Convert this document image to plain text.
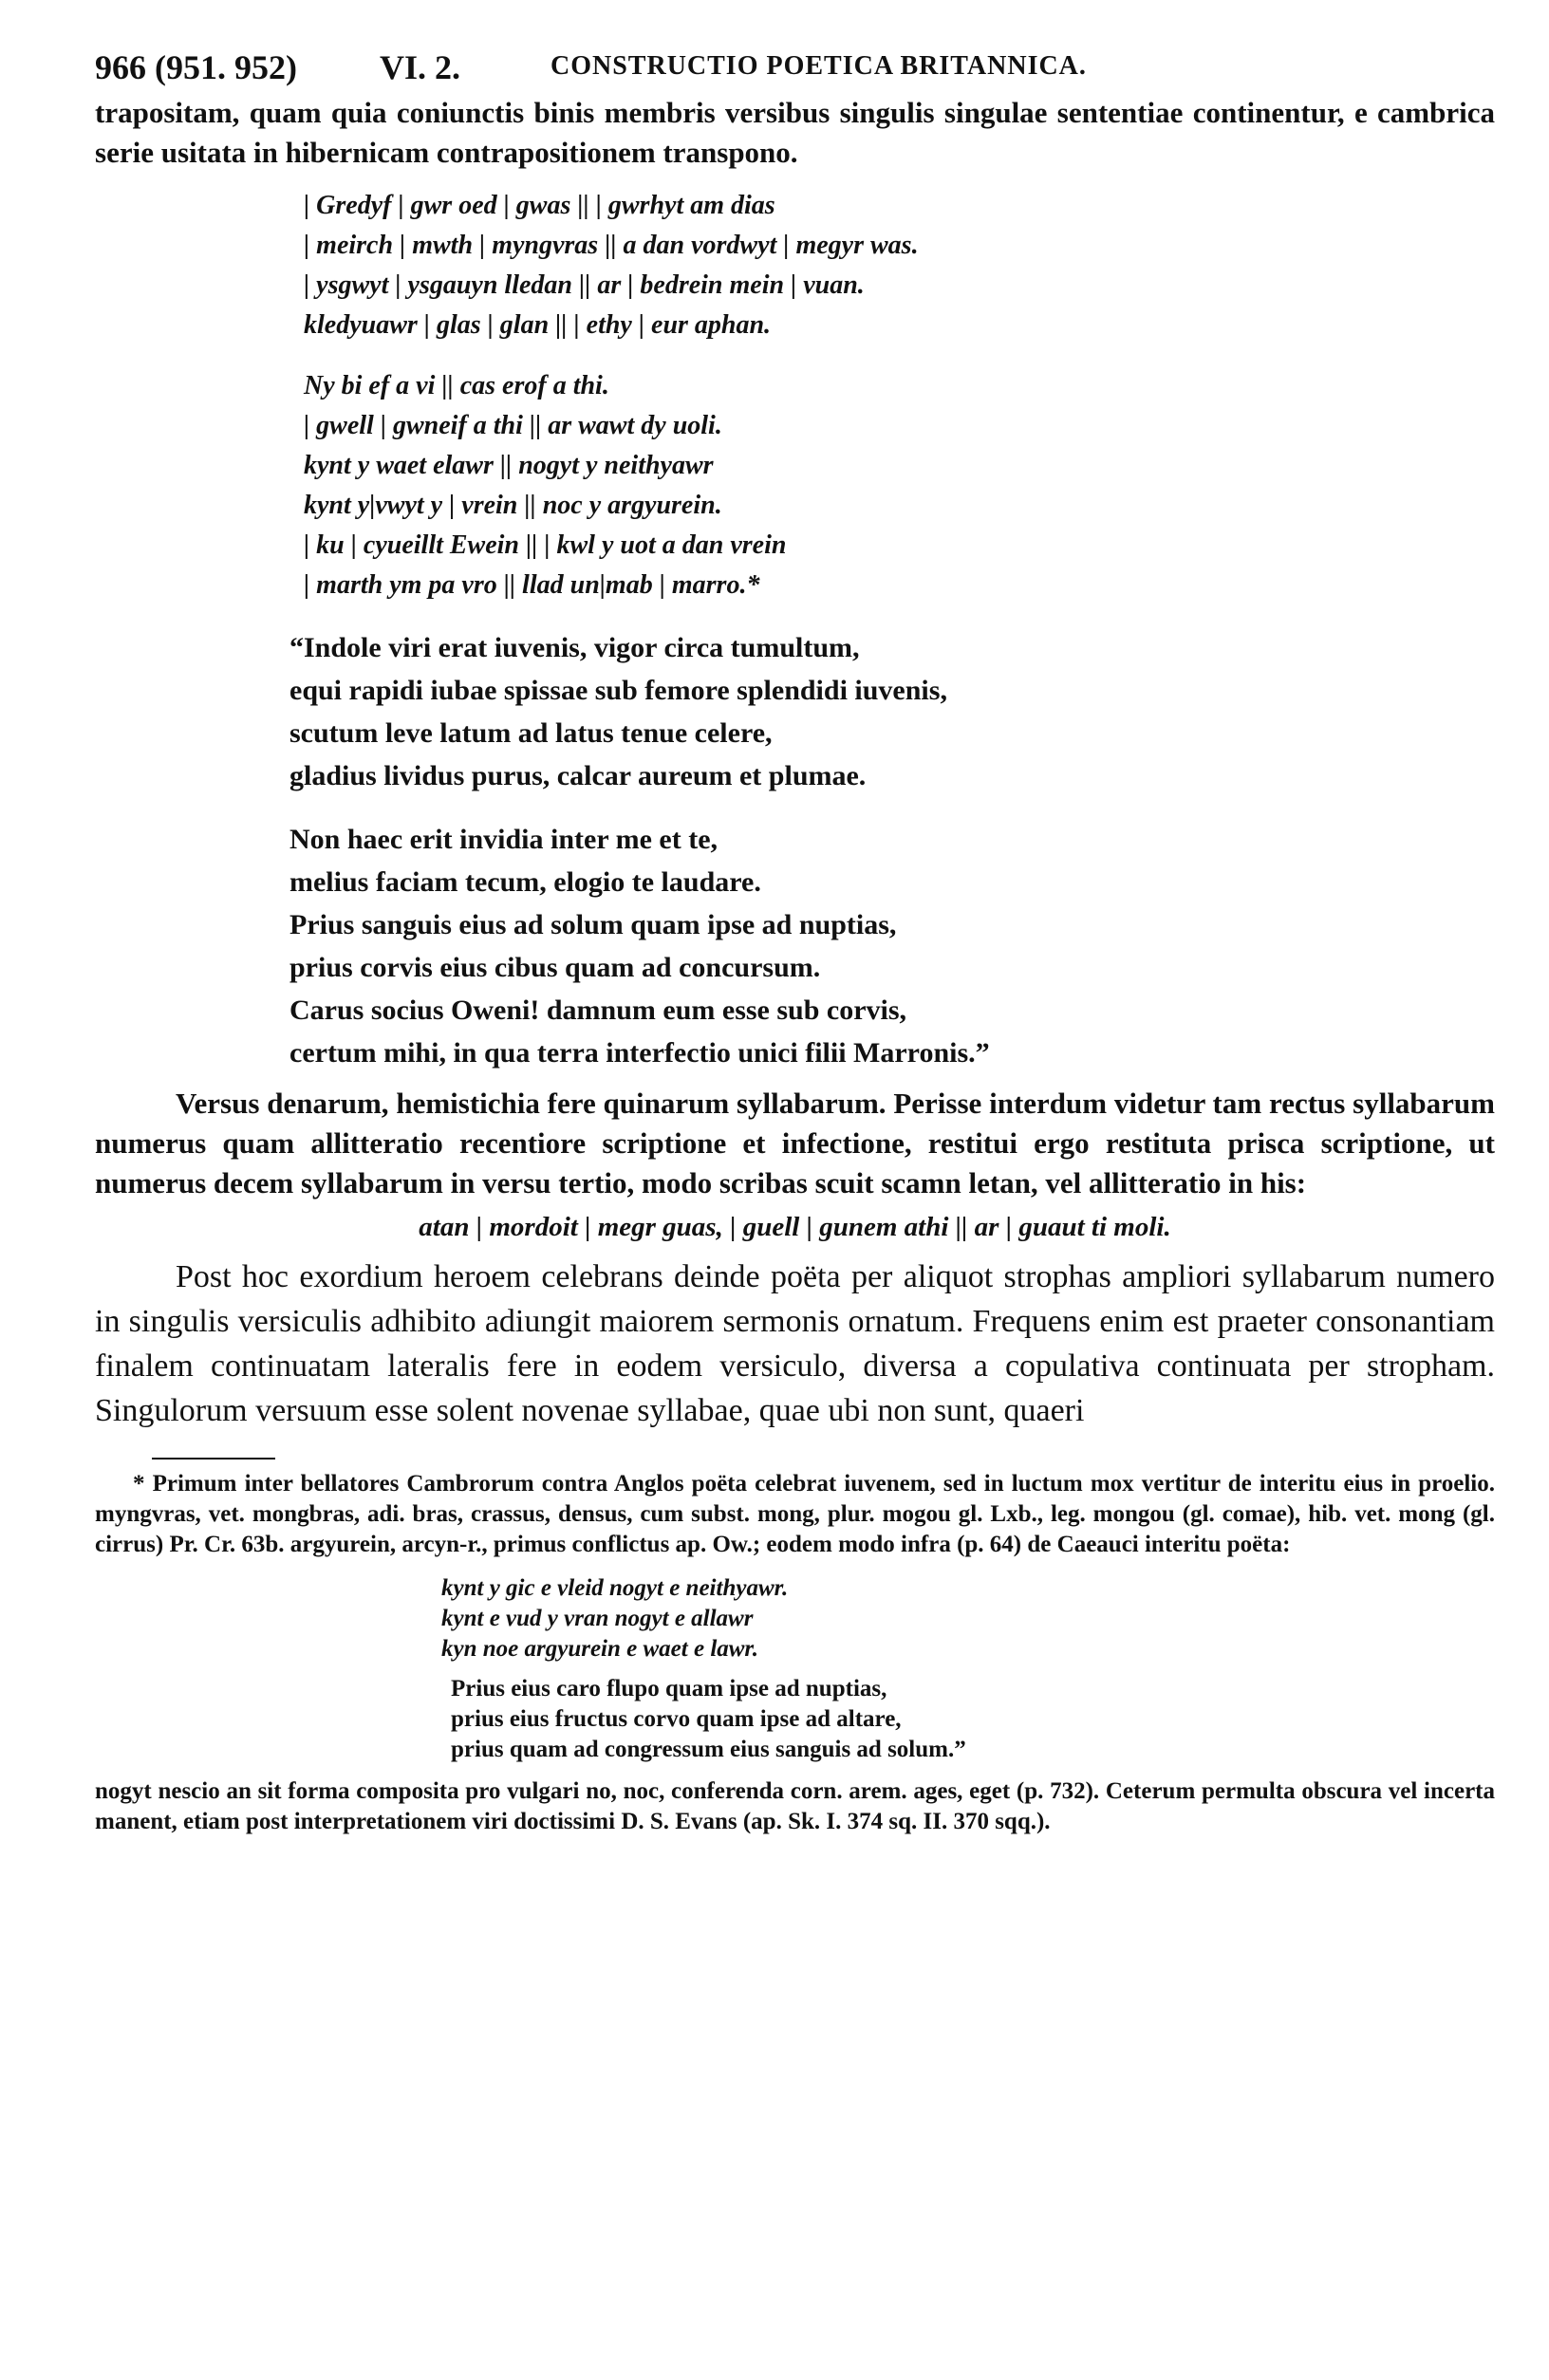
966 (951. 952) VI. 2.	CONSTRUCTIO POETICA BRITANNICA.

trapositam, quam quia coniunctis binis membris versibus singulis singulae sententiae continentur, e cambrica serie usitata in hibernicam contrapositionem transpono.

| Gredyf | gwr oed | gwas || | gwrhyt am dias
| meirch | mwth | myngvras || a dan vordwyt | megyr was.
| ysgwyt | ysgauyn lledan || ar | bedrein mein | vuan.
kledyuawr | glas | glan || | ethy | eur aphan.
Ny bi ef a vi || cas erof a thi.
| gwell | gwneif a thi || ar wawt dy uoli.
kynt y waet elawr || nogyt y neithyawr
kynt y|vwyt y | vrein || noc y argyurein.
| ku | cyueillt Ewein || | kwl y uot a dan vrein
| marth ym pa vro || llad un|mab | marro.*
“Indole viri erat iuvenis, vigor circa tumultum,
equi rapidi iubae spissae sub femore splendidi iuvenis,
scutum leve latum ad latus tenue celere,
gladius lividus purus, calcar aureum et plumae.
Non haec erit invidia inter me et te,
melius faciam tecum, elogio te laudare.
Prius sanguis eius ad solum quam ipse ad nuptias,
prius corvis eius cibus quam ad concursum.
Carus socius Oweni! damnum eum esse sub corvis,
certum mihi, in qua terra interfectio unici filii Marronis.”

Versus denarum, hemistichia fere quinarum syllabarum. Perisse interdum videtur tam rectus syllabarum numerus quam allitteratio recentiore scriptione et infectione, restitui ergo restituta prisca scriptione, ut numerus decem syllabarum in versu tertio, modo scribas scuit scamn letan, vel allitteratio in his:

atan | mordoit | megr guas, | guell | gunem athi || ar | guaut ti moli.

Post hoc exordium heroem celebrans deinde poëta per aliquot strophas ampliori syllabarum numero in singulis versiculis adhibito adiungit maiorem sermonis ornatum. Frequens enim est praeter consonantiam finalem continuatam lateralis fere in eodem versiculo, diversa a copulativa continuata per stropham. Singulorum versuum esse solent novenae syllabae, quae ubi non sunt, quaeri

* Primum inter bellatores Cambrorum contra Anglos poëta celebrat iuvenem, sed in luctum mox vertitur de interitu eius in proelio. myngvras, vet. mongbras, adi. bras, crassus, densus, cum subst. mong, plur. mogou gl. Lxb., leg. mongou (gl. comae), hib. vet. mong (gl. cirrus) Pr. Cr. 63b. argyurein, arcyn-r., primus conflictus ap. Ow.; eodem modo infra (p. 64) de Caeauci interitu poëta:

kynt y gic e vleid nogyt e neithyawr.
kynt e vud y vran nogyt e allawr
kyn noe argyurein e waet e lawr.
Prius eius caro flupo quam ipse ad nuptias,
prius eius fructus corvo quam ipse ad altare,
prius quam ad congressum eius sanguis ad solum.”

nogyt nescio an sit forma composita pro vulgari no, noc, conferenda corn. arem. ages, eget (p. 732). Ceterum permulta obscura vel incerta manent, etiam post interpretationem viri doctissimi D. S. Evans (ap. Sk. I. 374 sq. II. 370 sqq.).
